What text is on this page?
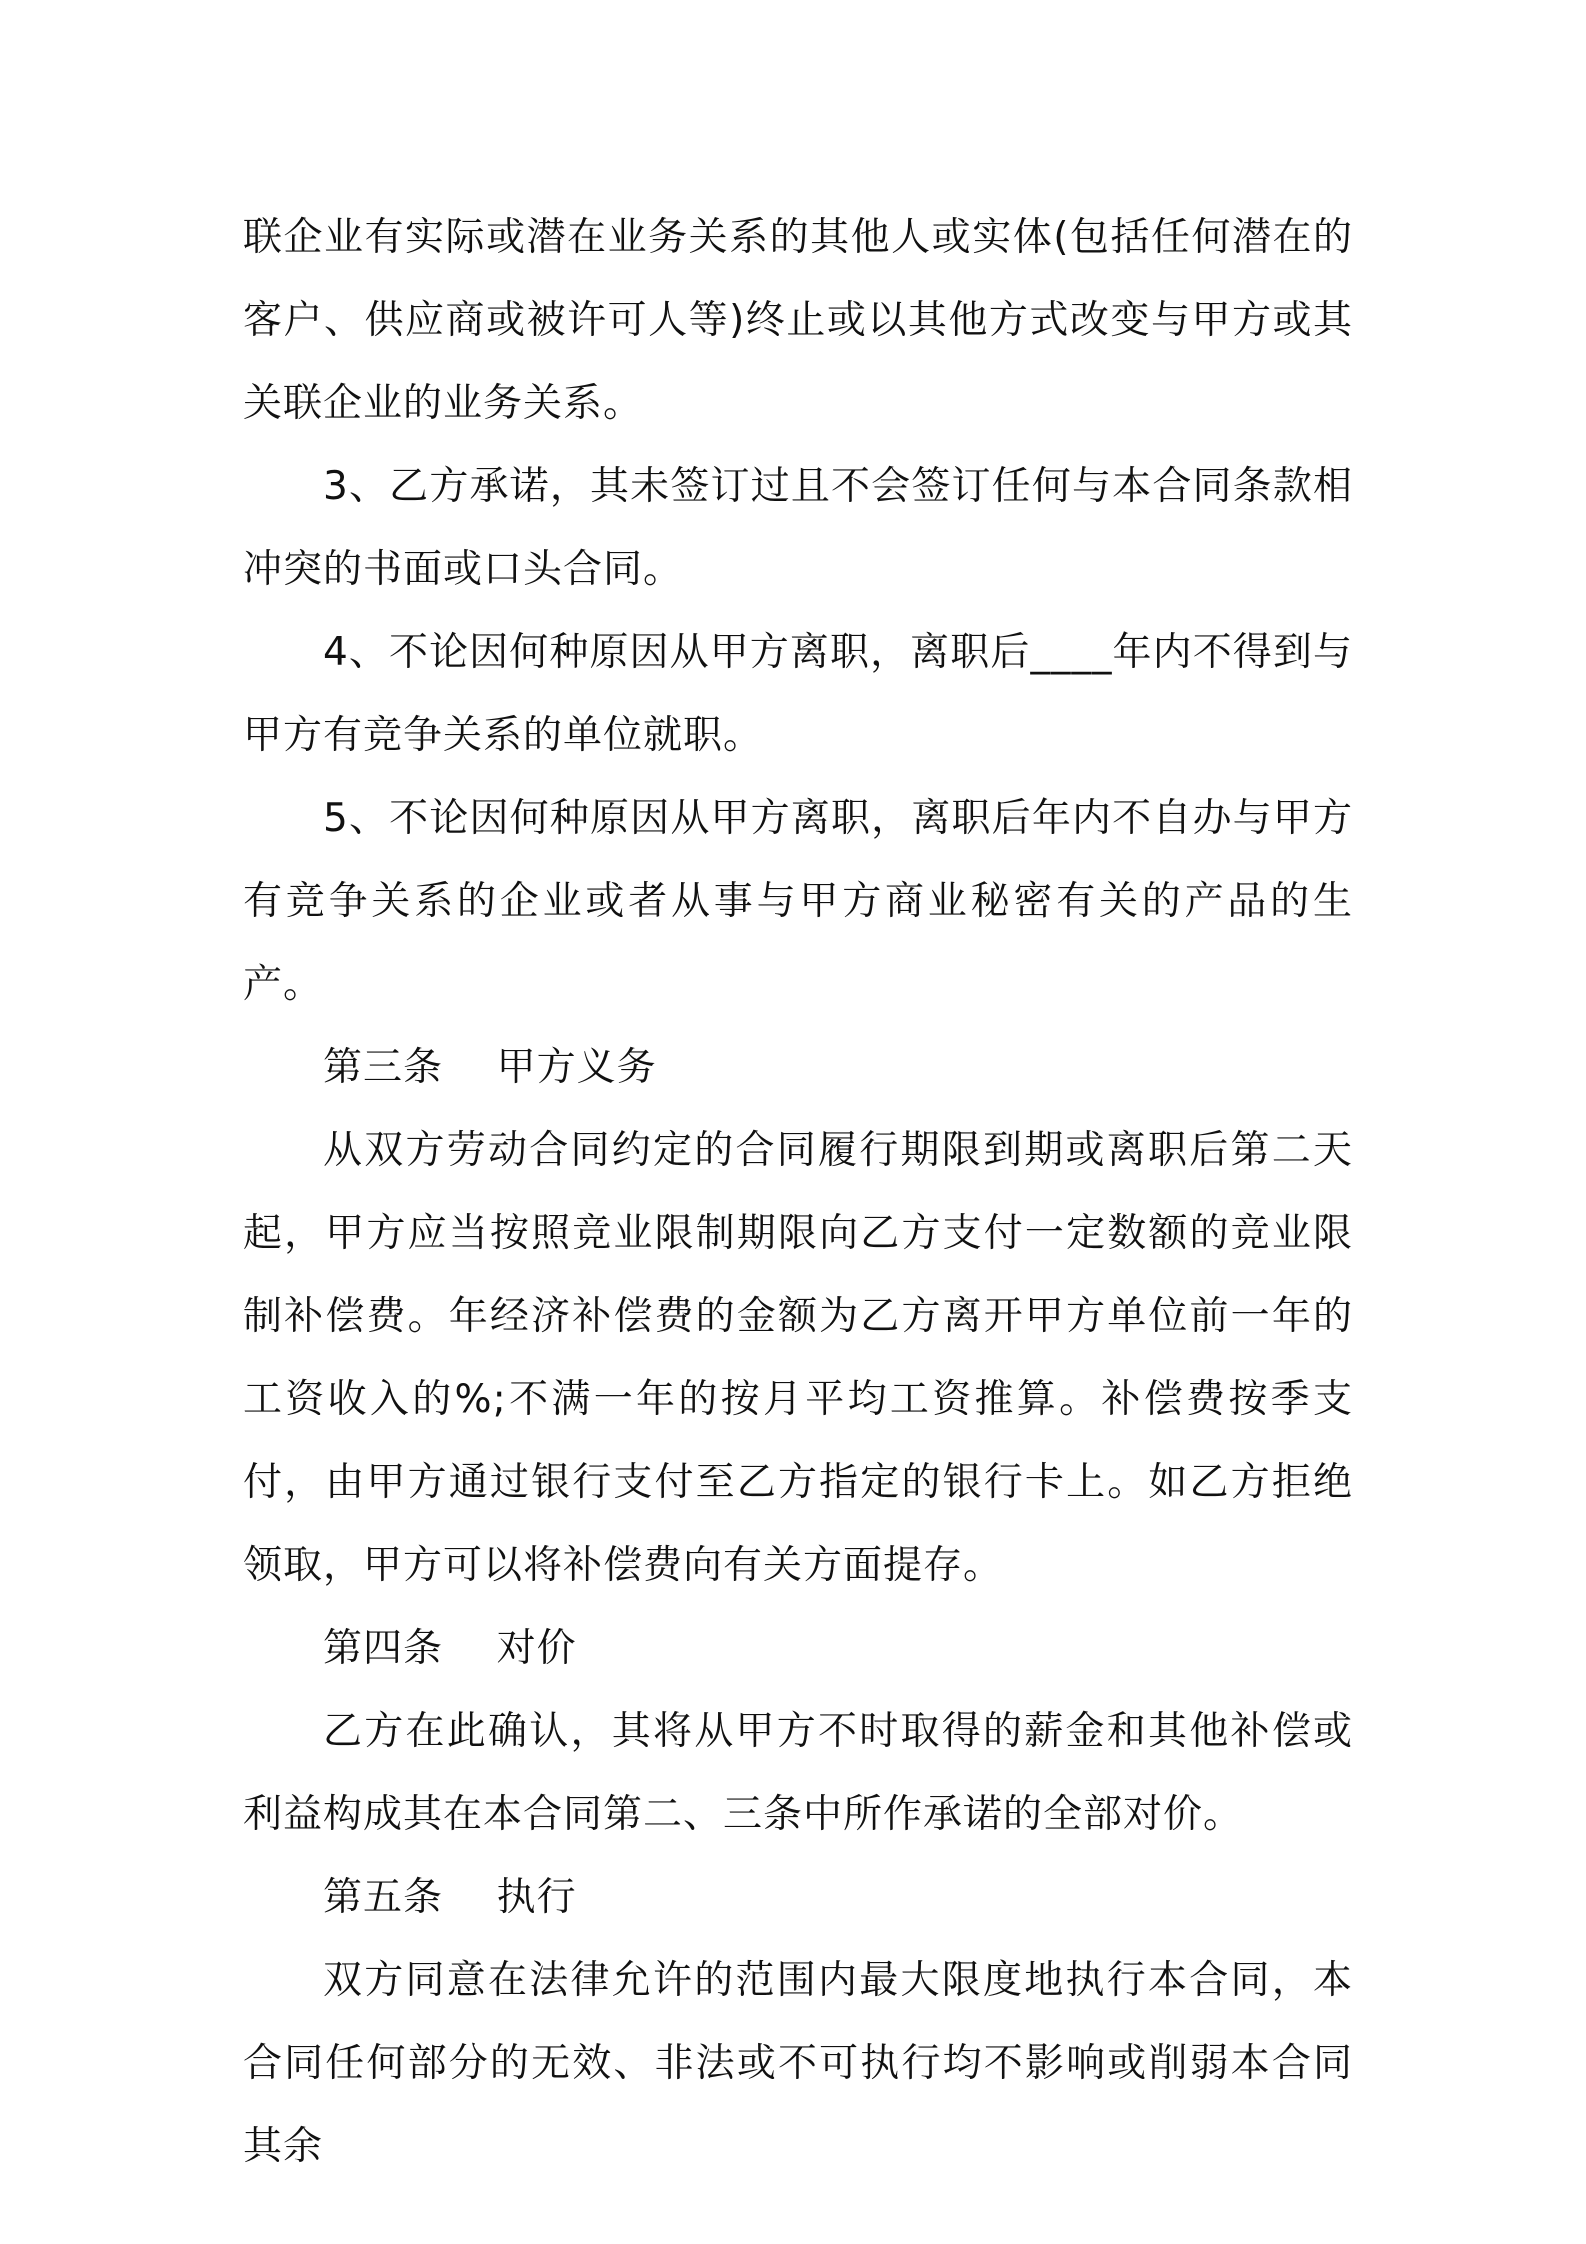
联企业有实际或潜在业务关系的其他人或实体(包括任何潜在的客户、供应商或被许可人等)终止或以其他方式改变与甲方或其关联企业的业务关系。

3、乙方承诺，其未签订过且不会签订任何与本合同条款相冲突的书面或口头合同。

4、不论因何种原因从甲方离职，离职后____年内不得到与甲方有竞争关系的单位就职。

5、不论因何种原因从甲方离职，离职后年内不自办与甲方有竞争关系的企业或者从事与甲方商业秘密有关的产品的生产。

第三条    甲方义务

从双方劳动合同约定的合同履行期限到期或离职后第二天起，甲方应当按照竞业限制期限向乙方支付一定数额的竞业限制补偿费。年经济补偿费的金额为乙方离开甲方单位前一年的工资收入的%;不满一年的按月平均工资推算。补偿费按季支付，由甲方通过银行支付至乙方指定的银行卡上。如乙方拒绝领取，甲方可以将补偿费向有关方面提存。

第四条    对价

乙方在此确认，其将从甲方不时取得的薪金和其他补偿或利益构成其在本合同第二、三条中所作承诺的全部对价。

第五条    执行

双方同意在法律允许的范围内最大限度地执行本合同，本合同任何部分的无效、非法或不可执行均不影响或削弱本合同其余
